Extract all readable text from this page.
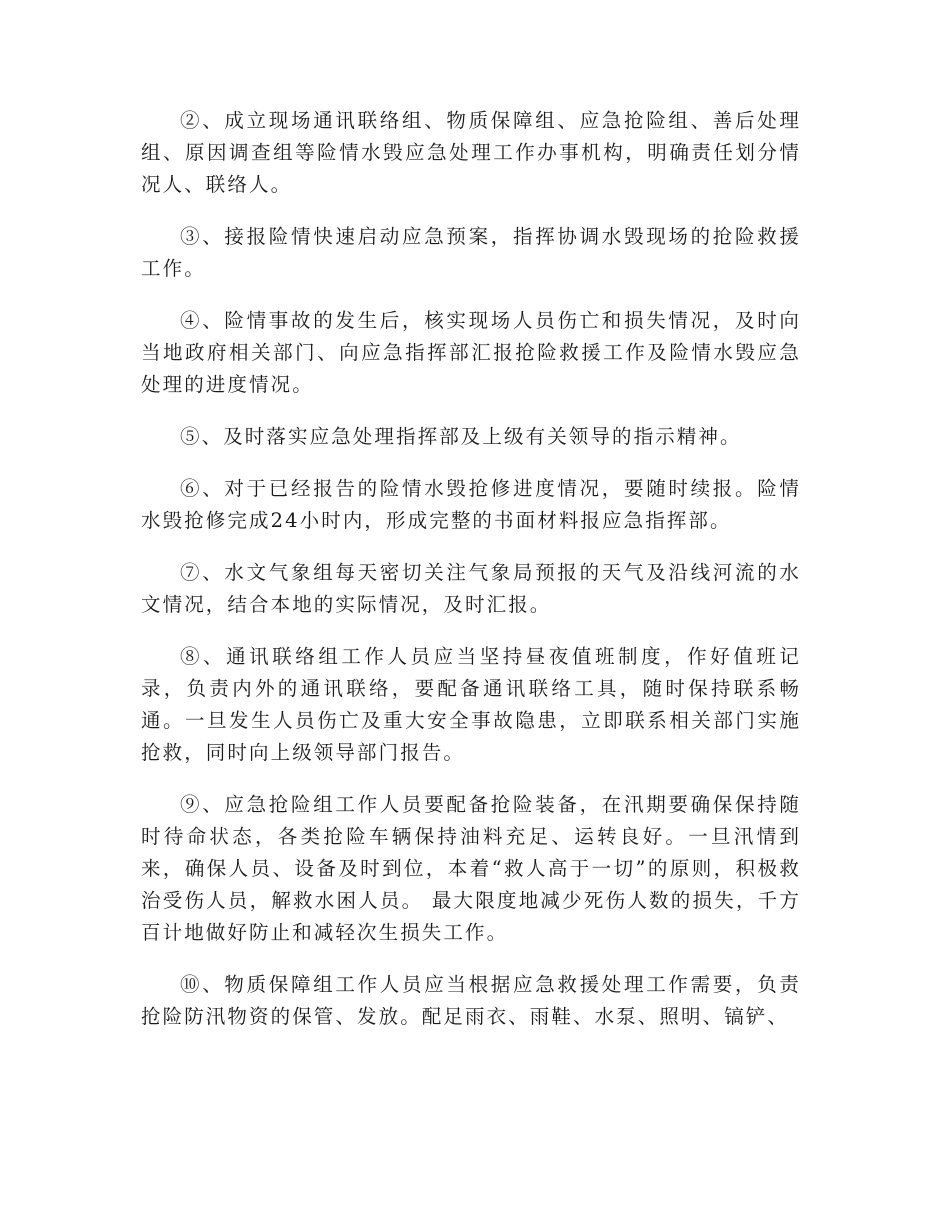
②、成立现场通讯联络组、物质保障组、应急抢险组、善后处理组、原因调查组等险情水毁应急处理工作办事机构，明确责任划分情况人、联络人。

③、接报险情快速启动应急预案，指挥协调水毁现场的抢险救援工作。

④、险情事故的发生后，核实现场人员伤亡和损失情况，及时向当地政府相关部门、向应急指挥部汇报抢险救援工作及险情水毁应急处理的进度情况。

⑤、及时落实应急处理指挥部及上级有关领导的指示精神。

⑥、对于已经报告的险情水毁抢修进度情况，要随时续报。险情水毁抢修完成24小时内，形成完整的书面材料报应急指挥部。

⑦、水文气象组每天密切关注气象局预报的天气及沿线河流的水文情况，结合本地的实际情况，及时汇报。

⑧、通讯联络组工作人员应当坚持昼夜值班制度，作好值班记录，负责内外的通讯联络，要配备通讯联络工具，随时保持联系畅通。一旦发生人员伤亡及重大安全事故隐患，立即联系相关部门实施抢救，同时向上级领导部门报告。

⑨、应急抢险组工作人员要配备抢险装备，在汛期要确保保持随时待命状态，各类抢险车辆保持油料充足、运转良好。一旦汛情到来，确保人员、设备及时到位，本着“救人高于一切”的原则，积极救治受伤人员，解救水困人员。 最大限度地减少死伤人数的损失，千方百计地做好防止和减轻次生损失工作。

⑩、物质保障组工作人员应当根据应急救援处理工作需要，负责抢险防汛物资的保管、发放。配足雨衣、雨鞋、水泵、照明、镐铲、
